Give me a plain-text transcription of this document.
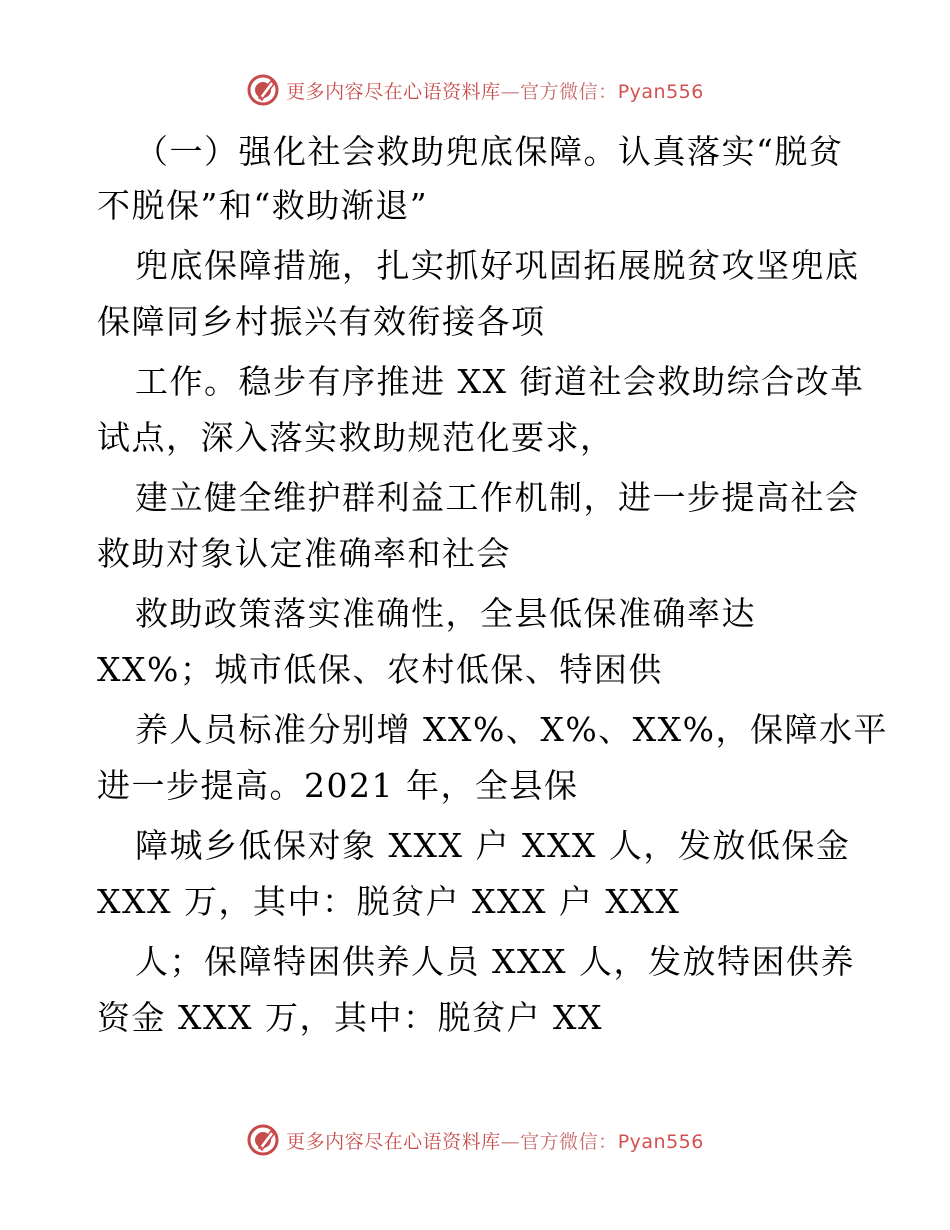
更多内容尽在心语资料库—官方微信：Pyan556
（一）强化社会救助兜底保障。认真落实“脱贫
不脱保”和“救助渐退”
兜底保障措施，扎实抓好巩固拓展脱贫攻坚兜底
保障同乡村振兴有效衔接各项
工作。稳步有序推进 XX 街道社会救助综合改革
试点，深入落实救助规范化要求，
建立健全维护群利益工作机制，进一步提高社会
救助对象认定准确率和社会
救助政策落实准确性，全县低保准确率达
XX%；城市低保、农村低保、特困供
养人员标准分别增 XX%、X%、XX%，保障水平
进一步提高。2021 年，全县保
障城乡低保对象 XXX 户 XXX 人，发放低保金
XXX 万，其中：脱贫户 XXX 户 XXX
人；保障特困供养人员 XXX 人，发放特困供养
资金 XXX 万，其中：脱贫户 XX
更多内容尽在心语资料库—官方微信：Pyan556
